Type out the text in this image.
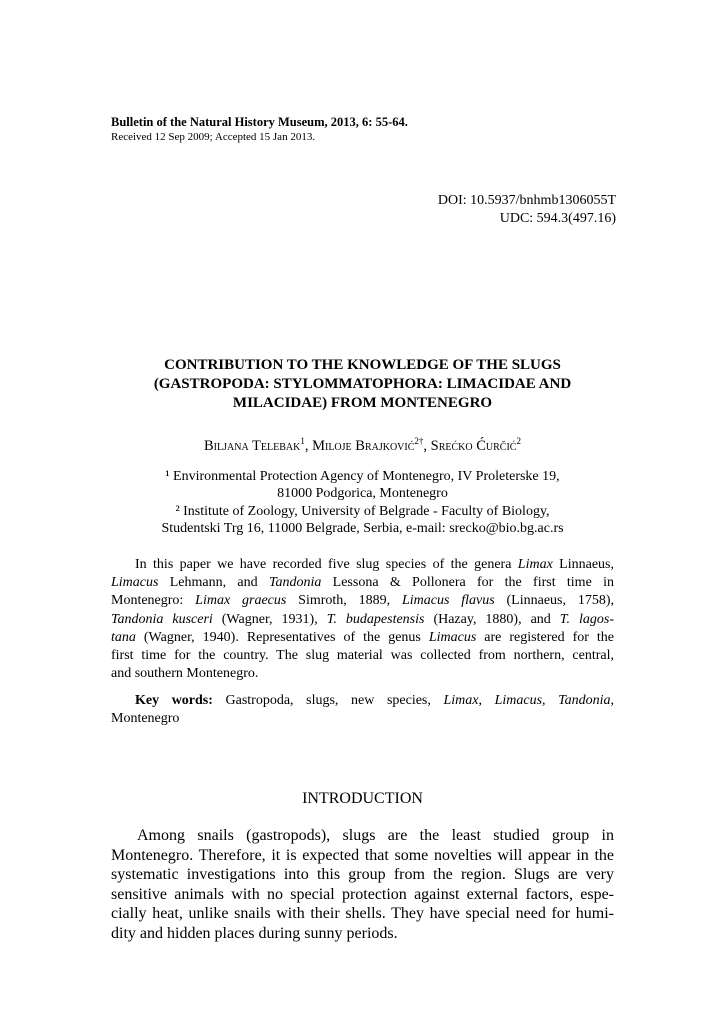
Bulletin of the Natural History Museum, 2013, 6: 55-64.
Received 12 Sep 2009; Accepted 15 Jan 2013.
DOI: 10.5937/bnhmb1306055T
UDC: 594.3(497.16)
CONTRIBUTION TO THE KNOWLEDGE OF THE SLUGS
(GASTROPODA: STYLOMMATOPHORA: LIMACIDAE AND
MILACIDAE) FROM MONTENEGRO
Biljana Telebak$^1$, Miloje Brajković$^{2\dagger}$, Srećko Ćurčić$^2$
¹ Environmental Protection Agency of Montenegro, IV Proleterske 19,
81000 Podgorica, Montenegro
² Institute of Zoology, University of Belgrade - Faculty of Biology,
Studentski Trg 16, 11000 Belgrade, Serbia, e-mail: srecko@bio.bg.ac.rs
In this paper we have recorded five slug species of the genera Limax Linnaeus,
Limacus Lehmann, and Tandonia Lessona & Pollonera for the first time in
Montenegro: Limax graecus Simroth, 1889, Limacus flavus (Linnaeus, 1758),
Tandonia kusceri (Wagner, 1931), T. budapestensis (Hazay, 1880), and T. lagos-
tana (Wagner, 1940). Representatives of the genus Limacus are registered for the
first time for the country. The slug material was collected from northern, central,
and southern Montenegro.
Key words: Gastropoda, slugs, new species, Limax, Limacus, Tandonia,
Montenegro
INTRODUCTION
Among snails (gastropods), slugs are the least studied group in
Montenegro. Therefore, it is expected that some novelties will appear in the
systematic investigations into this group from the region. Slugs are very
sensitive animals with no special protection against external factors, espe-
cially heat, unlike snails with their shells. They have special need for humi-
dity and hidden places during sunny periods.
